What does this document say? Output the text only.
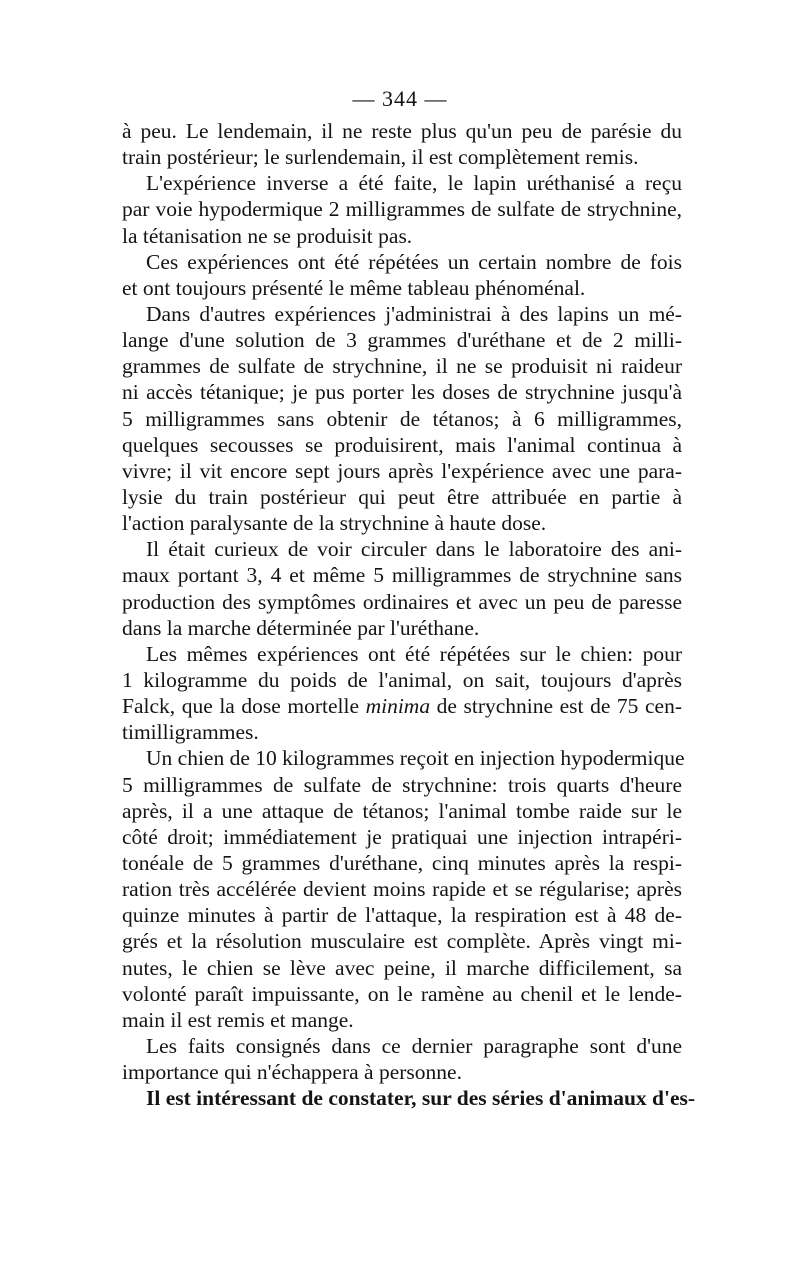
— 344 —
à peu. Le lendemain, il ne reste plus qu'un peu de parésie du
train postérieur; le surlendemain, il est complètement remis.
L'expérience inverse a été faite, le lapin uréthanisé a reçu
par voie hypodermique 2 milligrammes de sulfate de strychnine,
la tétanisation ne se produisit pas.
Ces expériences ont été répétées un certain nombre de fois
et ont toujours présenté le même tableau phénoménal.
Dans d'autres expériences j'administrai à des lapins un mé-
lange d'une solution de 3 grammes d'uréthane et de 2 milli-
grammes de sulfate de strychnine, il ne se produisit ni raideur
ni accès tétanique; je pus porter les doses de strychnine jusqu'à
5 milligrammes sans obtenir de tétanos; à 6 milligrammes,
quelques secousses se produisirent, mais l'animal continua à
vivre; il vit encore sept jours après l'expérience avec une para-
lysie du train postérieur qui peut être attribuée en partie à
l'action paralysante de la strychnine à haute dose.
Il était curieux de voir circuler dans le laboratoire des ani-
maux portant 3, 4 et même 5 milligrammes de strychnine sans
production des symptômes ordinaires et avec un peu de paresse
dans la marche déterminée par l'uréthane.
Les mêmes expériences ont été répétées sur le chien: pour
1 kilogramme du poids de l'animal, on sait, toujours d'après
Falck, que la dose mortelle minima de strychnine est de 75 cen-
timilligrammes.
Un chien de 10 kilogrammes reçoit en injection hypodermique
5 milligrammes de sulfate de strychnine: trois quarts d'heure
après, il a une attaque de tétanos; l'animal tombe raide sur le
côté droit; immédiatement je pratiquai une injection intrapéri-
tonéale de 5 grammes d'uréthane, cinq minutes après la respi-
ration très accélérée devient moins rapide et se régularise; après
quinze minutes à partir de l'attaque, la respiration est à 48 de-
grés et la résolution musculaire est complète. Après vingt mi-
nutes, le chien se lève avec peine, il marche difficilement, sa
volonté paraît impuissante, on le ramène au chenil et le lende-
main il est remis et mange.
Les faits consignés dans ce dernier paragraphe sont d'une
importance qui n'échappera à personne.
Il est intéressant de constater, sur des séries d'animaux d'es-
